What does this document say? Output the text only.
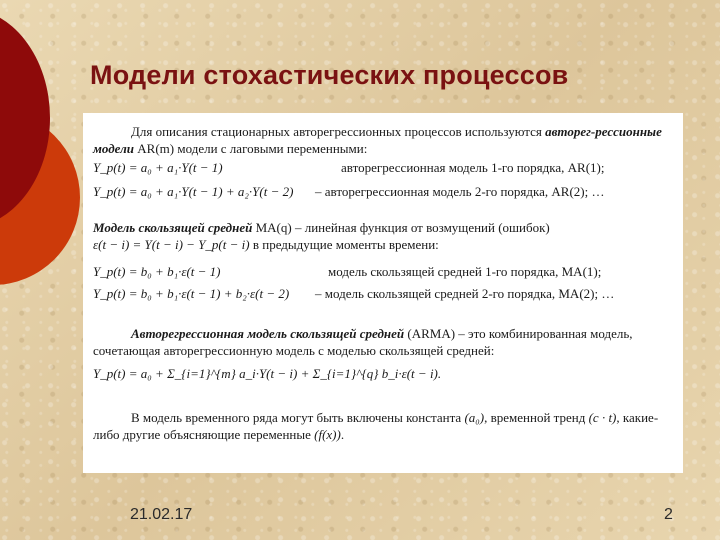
Модели стохастических процессов
Для описания стационарных авторегрессионных процессов используются авторег-рессионные модели AR(m) модели с лаговыми переменными:
Y_p(t) = a₀ + a₁·Y(t − 1)	авторегрессионная модель 1-го порядка, AR(1);
Y_p(t) = a₀ + a₁·Y(t − 1) + a₂·Y(t − 2) – авторегрессионная модель 2-го порядка, AR(2); …
Модель скользящей средней MA(q) – линейная функция от возмущений (ошибок)
ε(t − i) = Y(t − i) − Y_p(t − i) в предыдущие моменты времени:
Y_p(t) = b₀ + b₁·ε(t − 1)	модель скользящей средней 1-го порядка, MA(1);
Y_p(t) = b₀ + b₁·ε(t − 1) + b₂·ε(t − 2) – модель скользящей средней 2-го порядка, MA(2); …
Авторегрессионная модель скользящей средней (ARMA) – это комбинированная модель, сочетающая авторегрессионную модель с моделью скользящей средней:
Y_p(t) = a₀ + Σ_{i=1}^{m} a_i·Y(t − i) + Σ_{i=1}^{q} b_i·ε(t − i).
В модель временного ряда могут быть включены константа (a₀), временной тренд (c · t), какие-либо другие объясняющие переменные (f(x)).
21.02.17	2
